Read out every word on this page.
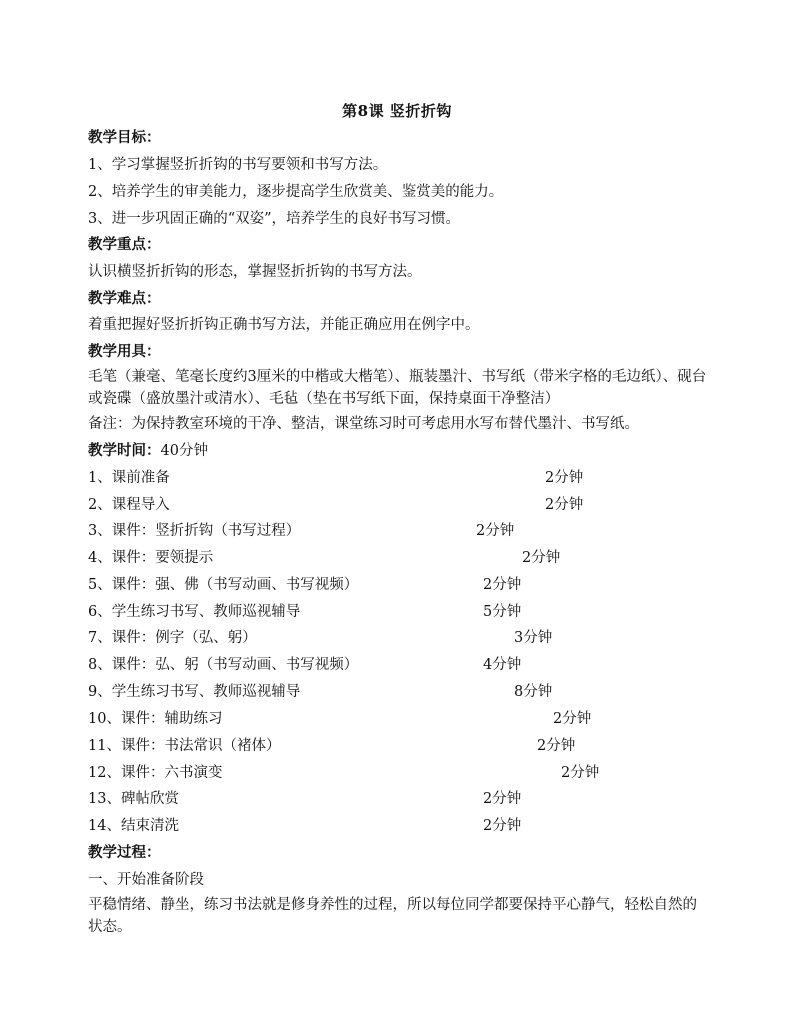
第8课 竖折折钩
教学目标：
1、学习掌握竖折折钩的书写要领和书写方法。
2、培养学生的审美能力，逐步提高学生欣赏美、鉴赏美的能力。
3、进一步巩固正确的“双姿”，培养学生的良好书写习惯。
教学重点：
认识横竖折折钩的形态，掌握竖折折钩的书写方法。
教学难点：
着重把握好竖折折钩正确书写方法，并能正确应用在例字中。
教学用具：
毛笔（兼毫、笔毫长度约3厘米的中楷或大楷笔）、瓶装墨汁、书写纸（带米字格的毛边纸）、砚台或瓷碟（盛放墨汁或清水）、毛毡（垫在书写纸下面，保持桌面干净整洁）
备注：为保持教室环境的干净、整洁，课堂练习时可考虑用水写布替代墨汁、书写纸。
教学时间：40分钟
1、课前准备	2分钟
2、课程导入	2分钟
3、课件：竖折折钩（书写过程）	2分钟
4、课件：要领提示	2分钟
5、课件：强、佛（书写动画、书写视频）	2分钟
6、学生练习书写、教师巡视辅导	5分钟
7、课件：例字（弘、躬）	3分钟
8、课件：弘、躬（书写动画、书写视频）	4分钟
9、学生练习书写、教师巡视辅导	8分钟
10、课件：辅助练习	2分钟
11、课件：书法常识（褚体）	2分钟
12、课件：六书演变	2分钟
13、碑帖欣赏	2分钟
14、结束清洗	2分钟
教学过程：
一、开始准备阶段
平稳情绪、静坐，练习书法就是修身养性的过程，所以每位同学都要保持平心静气，轻松自然的状态。
